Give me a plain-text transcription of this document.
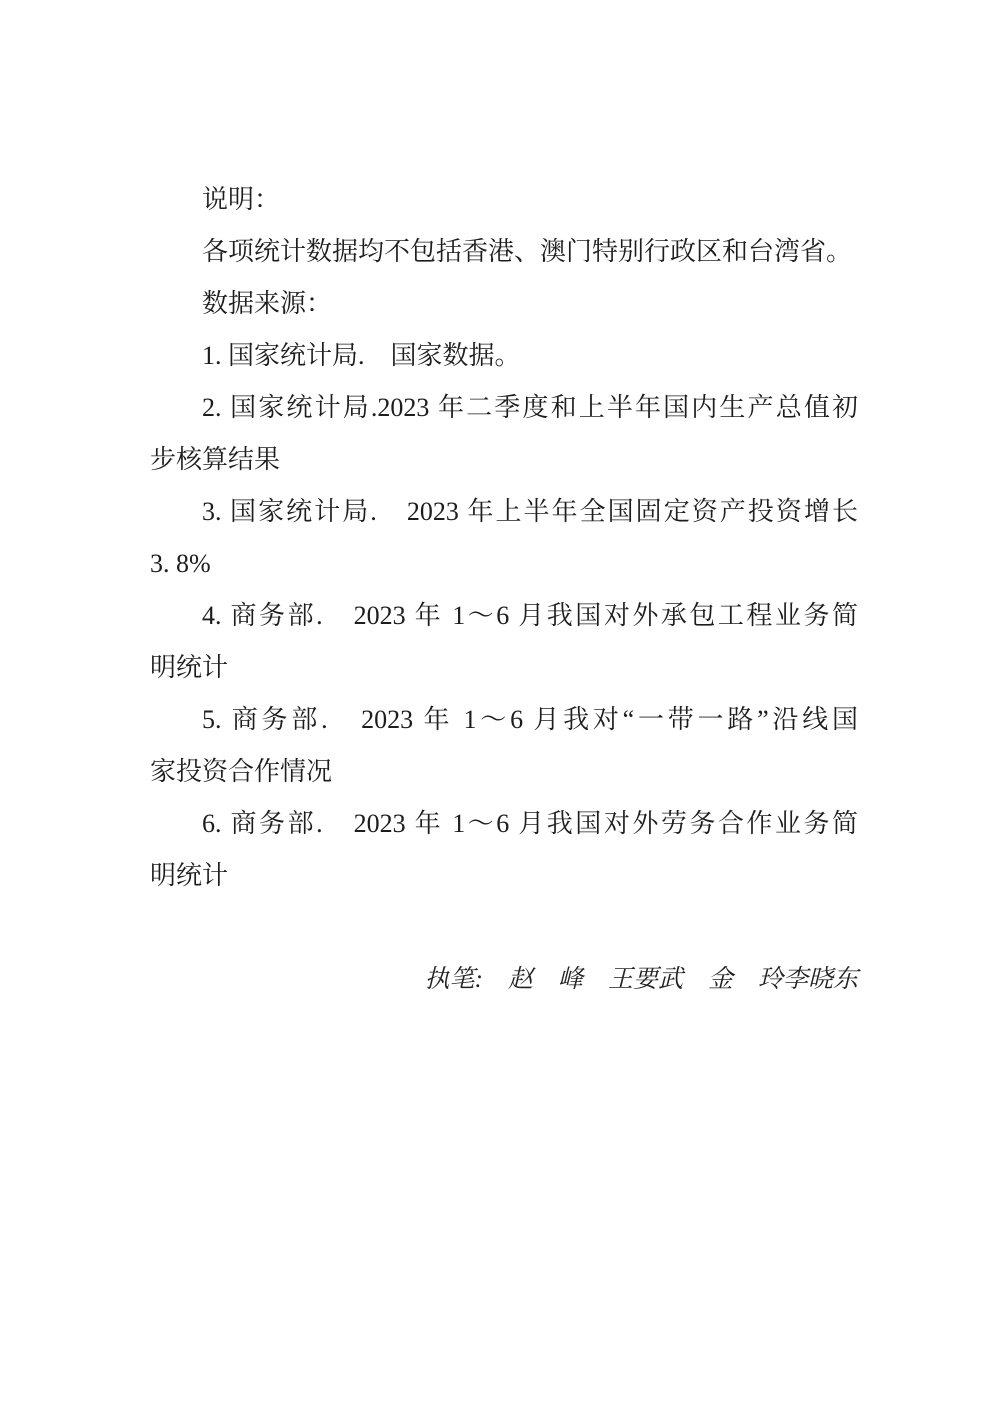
说明：
各项统计数据均不包括香港、澳门特别行政区和台湾省。
数据来源：
1. 国家统计局.　国家数据。
2. 国家统计局.2023 年二季度和上半年国内生产总值初
步核算结果
3. 国家统计局.　2023 年上半年全国固定资产投资增长
3. 8%
4. 商务部.　2023 年 1～6 月我国对外承包工程业务简
明统计
5. 商务部.　2023 年 1～6 月我对“一带一路”沿线国
家投资合作情况
6. 商务部.　2023 年 1～6 月我国对外劳务合作业务简
明统计
执笔:　赵　峰　王要武　金　玲李晓东
